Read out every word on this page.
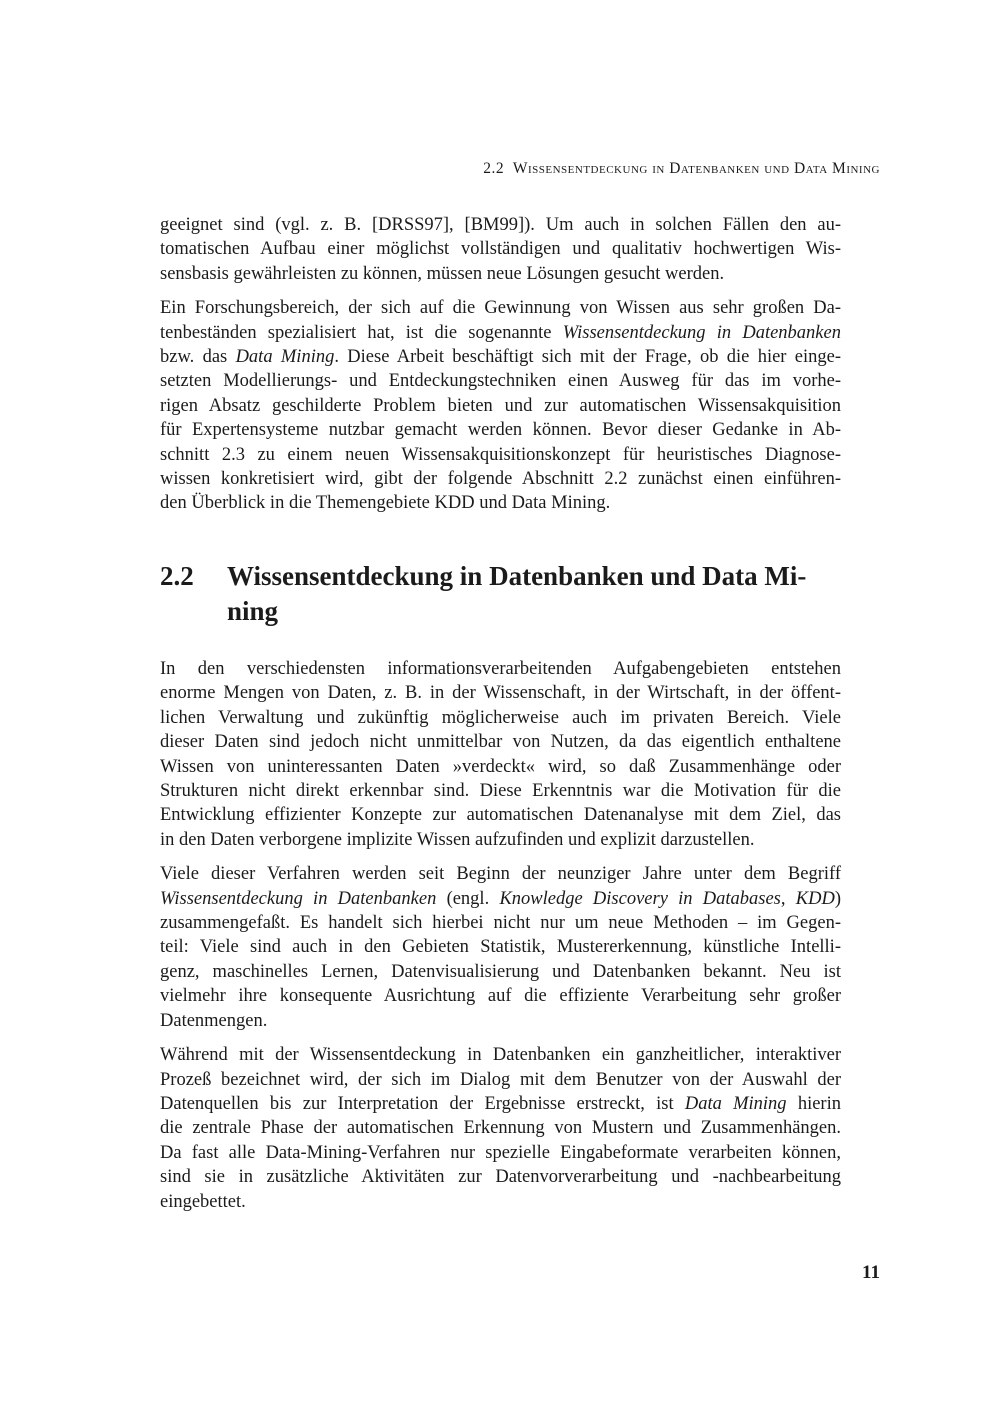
2.2 Wissensentdeckung in Datenbanken und Data Mining

geeignet sind (vgl. z. B. [DRSS97], [BM99]). Um auch in solchen Fällen den au-

tomatischen Aufbau einer möglichst vollständigen und qualitativ hochwertigen Wis-

sensbasis gewährleisten zu können, müssen neue Lösungen gesucht werden.

Ein Forschungsbereich, der sich auf die Gewinnung von Wissen aus sehr großen Da-

tenbeständen spezialisiert hat, ist die sogenannte Wissensentdeckung in Datenbanken

bzw. das Data Mining. Diese Arbeit beschäftigt sich mit der Frage, ob die hier einge-

setzten Modellierungs- und Entdeckungstechniken einen Ausweg für das im vorhe-

rigen Absatz geschilderte Problem bieten und zur automatischen Wissensakquisition

für Expertensysteme nutzbar gemacht werden können. Bevor dieser Gedanke in Ab-

schnitt 2.3 zu einem neuen Wissensakquisitionskonzept für heuristisches Diagnose-

wissen konkretisiert wird, gibt der folgende Abschnitt 2.2 zunächst einen einführen-

den Überblick in die Themengebiete KDD und Data Mining.

2.2 Wissensentdeckung in Datenbanken und Data Mi-
ning

In den verschiedensten informationsverarbeitenden Aufgabengebieten entstehen

enorme Mengen von Daten, z. B. in der Wissenschaft, in der Wirtschaft, in der öffent-

lichen Verwaltung und zukünftig möglicherweise auch im privaten Bereich. Viele

dieser Daten sind jedoch nicht unmittelbar von Nutzen, da das eigentlich enthaltene

Wissen von uninteressanten Daten »verdeckt« wird, so daß Zusammenhänge oder

Strukturen nicht direkt erkennbar sind. Diese Erkenntnis war die Motivation für die

Entwicklung effizienter Konzepte zur automatischen Datenanalyse mit dem Ziel, das

in den Daten verborgene implizite Wissen aufzufinden und explizit darzustellen.

Viele dieser Verfahren werden seit Beginn der neunziger Jahre unter dem Begriff

Wissensentdeckung in Datenbanken (engl. Knowledge Discovery in Databases, KDD)

zusammengefaßt. Es handelt sich hierbei nicht nur um neue Methoden – im Gegen-

teil: Viele sind auch in den Gebieten Statistik, Mustererkennung, künstliche Intelli-

genz, maschinelles Lernen, Datenvisualisierung und Datenbanken bekannt. Neu ist

vielmehr ihre konsequente Ausrichtung auf die effiziente Verarbeitung sehr großer

Datenmengen.

Während mit der Wissensentdeckung in Datenbanken ein ganzheitlicher, interaktiver

Prozeß bezeichnet wird, der sich im Dialog mit dem Benutzer von der Auswahl der

Datenquellen bis zur Interpretation der Ergebnisse erstreckt, ist Data Mining hierin

die zentrale Phase der automatischen Erkennung von Mustern und Zusammenhängen.

Da fast alle Data-Mining-Verfahren nur spezielle Eingabeformate verarbeiten können,

sind sie in zusätzliche Aktivitäten zur Datenvorverarbeitung und -nachbearbeitung

eingebettet.

11
